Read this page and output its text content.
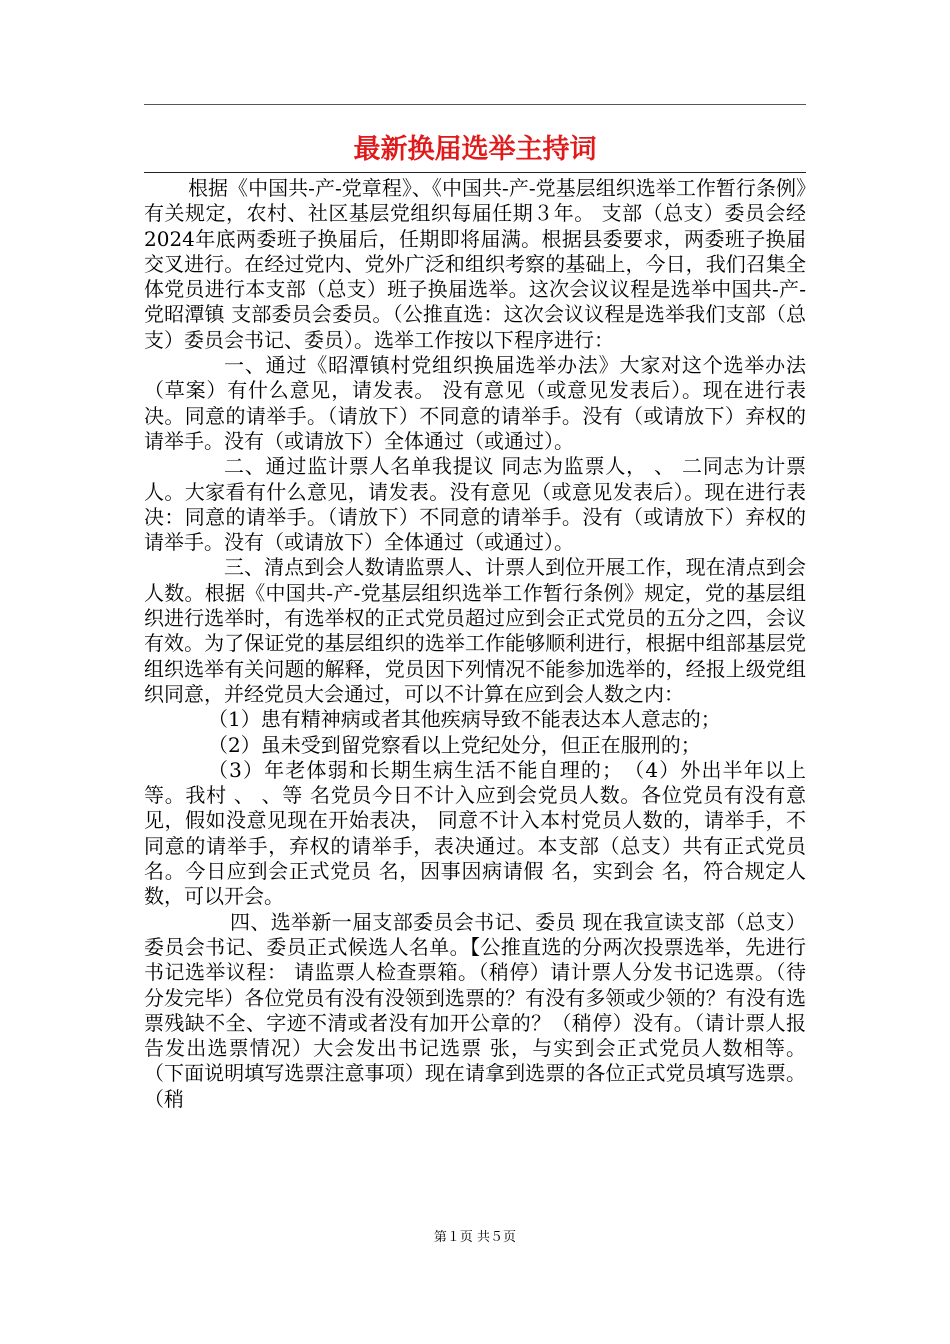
最新换届选举主持词

根据《中国共-产-党章程》、《中国共-产-党基层组织选举工作暂行条例》有关规定，农村、社区基层党组织每届任期３年。 支部（总支）委员会经2024年底两委班子换届后，任期即将届满。根据县委要求，两委班子换届交叉进行。在经过党内、党外广泛和组织考察的基础上，今日，我们召集全体党员进行本支部（总支）班子换届选举。这次会议议程是选举中国共-产-党昭潭镇 支部委员会委员。（公推直选：这次会议议程是选举我们支部（总支）委员会书记、委员）。选举工作按以下程序进行：

一、通过《昭潭镇村党组织换届选举办法》大家对这个选举办法（草案）有什么意见，请发表。 没有意见（或意见发表后）。现在进行表决。同意的请举手。（请放下）不同意的请举手。没有（或请放下）弃权的请举手。没有（或请放下）全体通过（或通过）。

二、通过监计票人名单我提议 同志为监票人， 、 二同志为计票人。大家看有什么意见，请发表。没有意见（或意见发表后）。现在进行表决：同意的请举手。（请放下）不同意的请举手。没有（或请放下）弃权的请举手。没有（或请放下）全体通过（或通过）。

三、清点到会人数请监票人、计票人到位开展工作，现在清点到会人数。根据《中国共-产-党基层组织选举工作暂行条例》规定，党的基层组织进行选举时，有选举权的正式党员超过应到会正式党员的五分之四，会议有效。为了保证党的基层组织的选举工作能够顺利进行，根据中组部基层党组织选举有关问题的解释，党员因下列情况不能参加选举的，经报上级党组织同意，并经党员大会通过，可以不计算在应到会人数之内：

（1）患有精神病或者其他疾病导致不能表达本人意志的；

（2）虽未受到留党察看以上党纪处分，但正在服刑的；

（3）年老体弱和长期生病生活不能自理的；　（4）外出半年以上等。我村 、 、等 名党员今日不计入应到会党员人数。各位党员有没有意见，假如没意见现在开始表决， 同意不计入本村党员人数的，请举手，不同意的请举手，弃权的请举手，表决通过。本支部（总支）共有正式党员 名。今日应到会正式党员 名，因事因病请假 名，实到会 名，符合规定人数，可以开会。

四、选举新一届支部委员会书记、委员 现在我宣读支部（总支）委员会书记、委员正式候选人名单。【公推直选的分两次投票选举，先进行书记选举议程： 请监票人检查票箱。（稍停）请计票人分发书记选票。（待分发完毕）各位党员有没有没领到选票的？有没有多领或少领的？有没有选票残缺不全、字迹不清或者没有加开公章的？（稍停）没有。（请计票人报告发出选票情况）大会发出书记选票 张，与实到会正式党员人数相等。 （下面说明填写选票注意事项）现在请拿到选票的各位正式党员填写选票。（稍

第１页 共５页
